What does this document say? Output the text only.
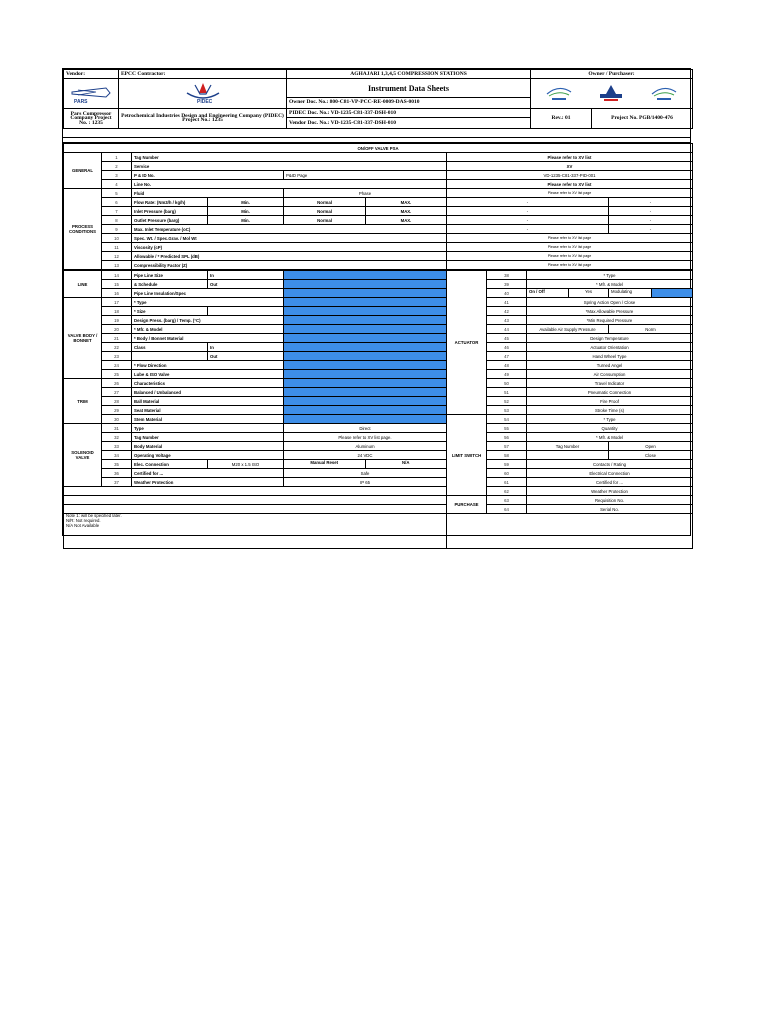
Vendor:	EPCC Contractor:	AGHAJARI 1,3,4,5 COMPRESSION STATIONS	Owner / Purchaser:

PARS	PIDEC	Instrument Data Sheets
Owner Doc. No.: 800-C81-VP-PCC-RE-0009-DAS-0010

Pars Compressor Company Project No. : 1235	Petrochemical Industries Design and Engineering Company (PIDEC) Project No.: 1235	PIDEC Doc. No.: VD-1235-C81-337-DSH-010	Rev.: 01 Project No. PGB/1400-476

		Vendor Doc. No.: VD-1235-C81-337-DSH-010	
ON/OFF VALVE PSA								
GENERAL	1	Tag Number				Please refer to XV list		
	2	Service				XV		
	3	P & ID No.		P&ID Page		VD-1235-C81-337-PID-001	
	4	Line No.				Please refer to XV list		
PROCESS CONDITIONS	5	Fluid		Phase		Please refer to XV list page	
	6	Flow Rate: (Nm3/h / kg/h)	Min.	Normal	MAX.	-	-	
	7	Inlet Pressure (barg)	Min.	Normal	MAX.	-	-	
	8	Outlet Pressure (barg)	Min.	Normal	MAX.	-	-	
	9	Max. Inlet Temperature (oC)				-	-	
	10	Spec. Wt. / Spec.Grav. / Mol Wt				Please refer to XV list page		
	11	Viscosity (cP)				Please refer to XV list page		
	12	Allowable / * Predicted SPL (dB)				Please refer to XV list page		
	13	Compressibility Factor (Z)				Please refer to XV list page		
LINE	14	Pipe Line Size	In		ACTUATOR	38	* Type		
	15	& Schedule	Out			39	* Mfr. & Model		
	16	Pipe Line Insulation/Spec				40	On / Off Yes	Modulating	

VALVE BODY / BONNET	17	* Type				41	Spring Action Open / Close		
	18	* Size				42	*Max Allowable Pressure		
	19	Design Press. (barg) / Temp. (°C)				43	*Min Required Pressure		
	20	* Mfr. & Model				44	Available Air Supply Pressure	Norm	
	21	* Body / Bonnet Material				45	Design Temperature		
	22	Class	In			46	Actuator Orientation		
	23		Out			47	Hand Wheel Type		
	24	* Flow Direction				48	Turned Angel		
	25	Lube & ISO Valve				49	Air Consumption		
TRIM	26	Characteristics				50	Travel Indicator		
	27	Balanced / Unbalanced				51	Pneumatic Connection		
	28	Ball Material				52	Fire Proof		
	29	Seat Material				53	Stroke Time (s)		
	30	Stem Material			LIMIT SWITCH	54	* Type	
SOLENOID VALVE	31	Type		Direct		55	Quantity	
	32	Tag Number		Please refer to XV list page.		56	* Mfr. & Model	
	33	Body Material		Aluminum		57	Tag Number	Open	
	34	Operating Voltage		24 VDC		58		Close	
	35	Elec. Connection	M20 x 1.5 ISO	Manual Reset N/A		59	Contacts / Rating	
	36	Certified for ...		Safe		60	Electrical Connection	
	37	Weather Protection		IP 65		61	Certified for ...	
						62	Weather Protection	
					PURCHASE	63	Requisition No.	
						64	Serial No.	

Note 1: will be specified later.
N/R: Not required.
N/A Not Available									
